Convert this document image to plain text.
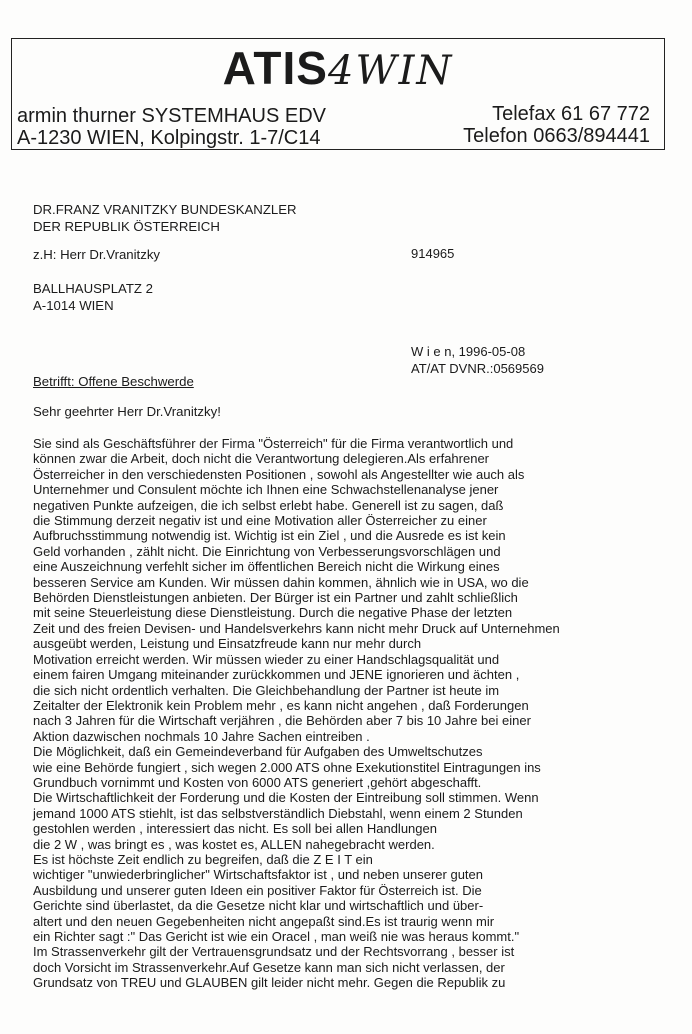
ATIS4WIN
armin thurner SYSTEMHAUS EDV
A-1230 WIEN, Kolpingstr. 1-7/C14
Telefax 61 67 772
Telefon 0663/894441
DR.FRANZ VRANITZKY BUNDESKANZLER
DER REPUBLIK ÖSTERREICH
z.H: Herr Dr.Vranitzky	914965
BALLHAUSPLATZ 2
A-1014 WIEN
W i e n, 1996-05-08
AT/AT DVNR.:0569569
Betrifft: Offene Beschwerde
Sehr geehrter Herr Dr.Vranitzky!
Sie sind als Geschäftsführer der Firma "Österreich" für die Firma verantwortlich und
können zwar die Arbeit, doch nicht die Verantwortung delegieren.Als erfahrener
Österreicher in den verschiedensten Positionen , sowohl als Angestellter wie auch als
Unternehmer und Consulent möchte ich Ihnen eine Schwachstellenanalyse jener
negativen Punkte aufzeigen, die ich selbst erlebt habe. Generell ist zu sagen, daß
die Stimmung derzeit negativ ist und eine Motivation aller Österreicher zu einer
Aufbruchsstimmung notwendig ist. Wichtig ist ein Ziel , und die Ausrede es ist kein
Geld vorhanden , zählt nicht. Die Einrichtung von Verbesserungsvorschlägen und
eine Auszeichnung verfehlt sicher im öffentlichen Bereich nicht die Wirkung eines
besseren Service am Kunden. Wir müssen dahin kommen, ähnlich wie in USA, wo die
Behörden Dienstleistungen anbieten. Der Bürger ist ein Partner und zahlt schließlich
mit seine Steuerleistung diese Dienstleistung. Durch die negative Phase der letzten
Zeit und des freien Devisen- und Handelsverkehrs kann nicht mehr Druck auf Unternehmen
ausgeübt werden, Leistung und Einsatzfreude kann nur mehr durch
Motivation erreicht werden. Wir müssen wieder zu einer Handschlagsqualität und
einem fairen Umgang miteinander zurückkommen und JENE ignorieren und ächten ,
die sich nicht ordentlich verhalten. Die Gleichbehandlung der Partner ist heute im
Zeitalter der Elektronik kein Problem mehr , es kann nicht angehen , daß Forderungen
nach 3 Jahren für die Wirtschaft verjähren , die Behörden aber 7 bis 10 Jahre bei einer
Aktion dazwischen nochmals 10 Jahre Sachen eintreiben .
Die Möglichkeit, daß ein Gemeindeverband für Aufgaben des Umweltschutzes
wie eine Behörde fungiert , sich wegen 2.000 ATS ohne Exekutionstitel Eintragungen ins
Grundbuch vornimmt und Kosten von 6000 ATS generiert ,gehört abgeschafft.
Die Wirtschaftlichkeit der Forderung und die Kosten der Eintreibung soll stimmen. Wenn
jemand 1000 ATS stiehlt, ist das selbstverständlich Diebstahl, wenn einem 2 Stunden
gestohlen werden , interessiert das nicht. Es soll bei allen Handlungen
die 2 W , was bringt es , was kostet es, ALLEN nahegebracht werden.
Es ist höchste Zeit endlich zu begreifen, daß die Z E I T ein
wichtiger "unwiederbringlicher" Wirtschaftsfaktor ist , und neben unserer guten
Ausbildung und unserer guten Ideen ein positiver Faktor für Österreich ist. Die
Gerichte sind überlastet, da die Gesetze nicht klar und wirtschaftlich und über-
altert und den neuen Gegebenheiten nicht angepaßt sind.Es ist traurig wenn mir
ein Richter sagt :" Das Gericht ist wie ein Oracel , man weiß nie was heraus kommt."
Im Strassenverkehr gilt der Vertrauensgrundsatz und der Rechtsvorrang , besser ist
doch Vorsicht im Strassenverkehr.Auf Gesetze kann man sich nicht verlassen, der
Grundsatz von TREU und GLAUBEN gilt leider nicht mehr. Gegen die Republik zu
